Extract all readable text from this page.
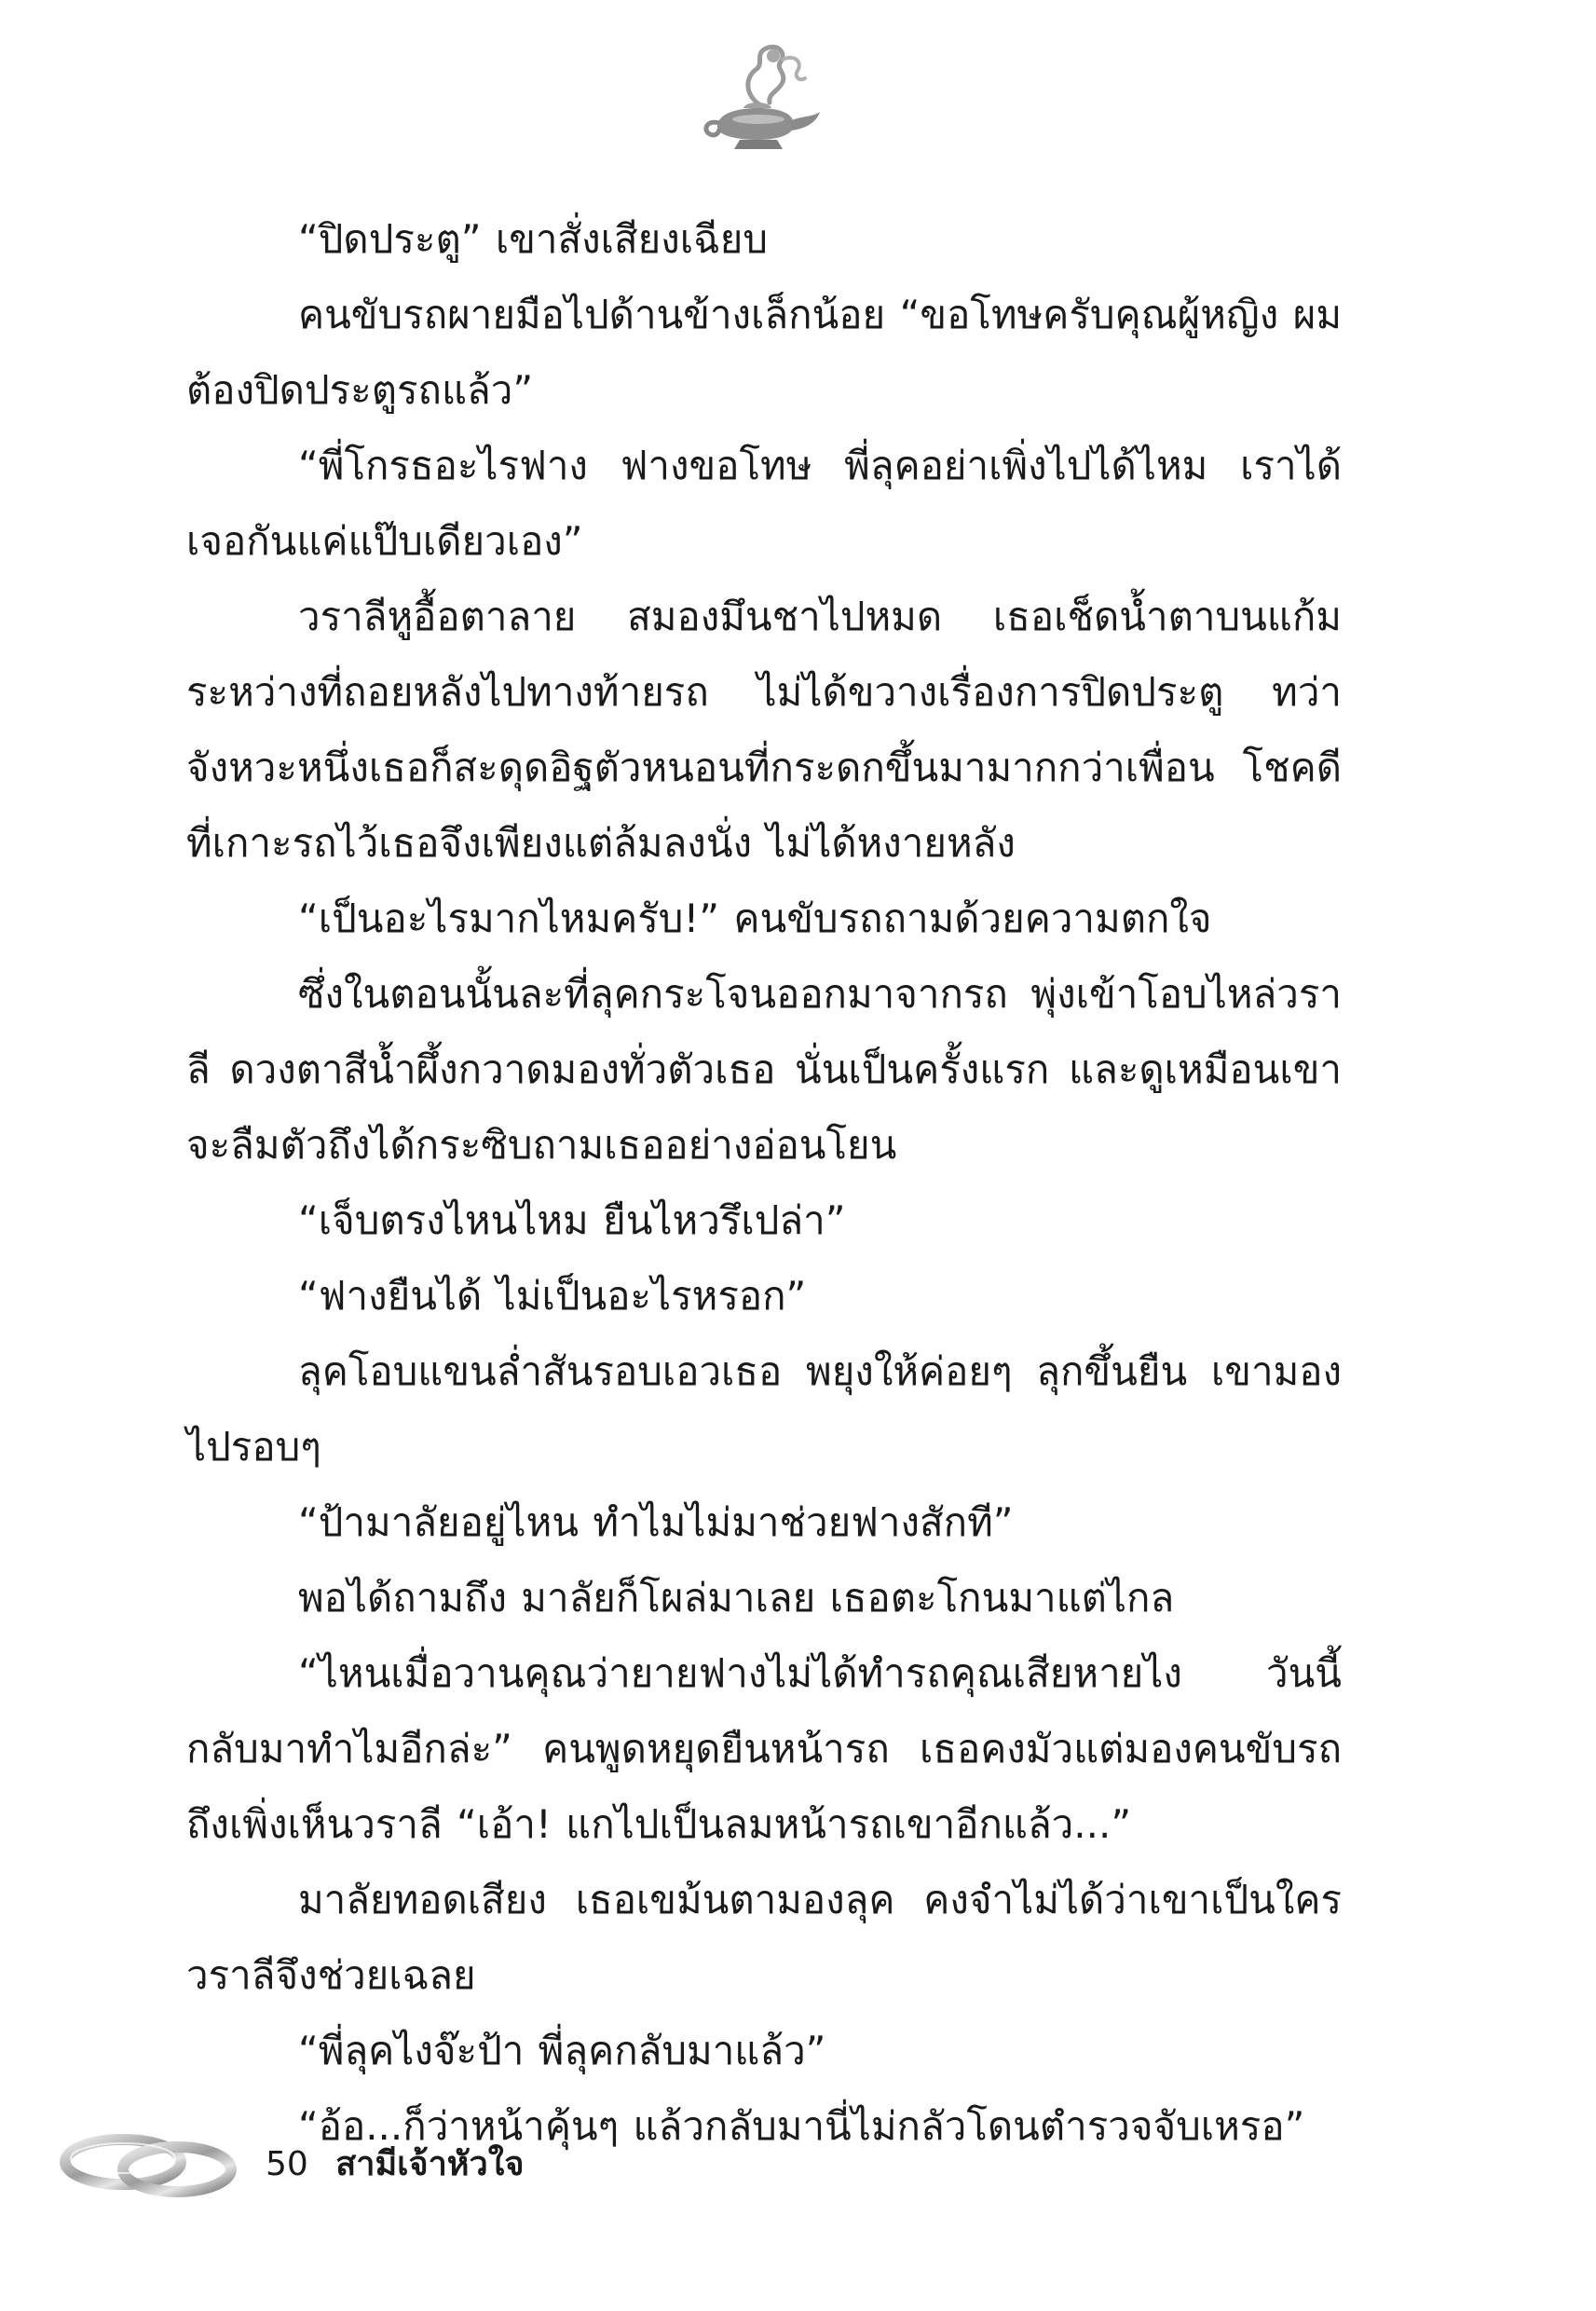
“ปิดประตู” เขาสั่งเสียงเฉียบ

คนขับรถผายมือไปด้านข้างเล็กน้อย “ขอโทษครับคุณผู้หญิง ผมต้องปิดประตูรถแล้ว”

“พี่โกรธอะไรฟาง ฟางขอโทษ พี่ลุคอย่าเพิ่งไปได้ไหม เราได้เจอกันแค่แป๊บเดียวเอง”

วราลีหูอื้อตาลาย สมองมึนชาไปหมด เธอเช็ดน้ำตาบนแก้มระหว่างที่ถอยหลังไปทางท้ายรถ ไม่ได้ขวางเรื่องการปิดประตู ทว่าจังหวะหนึ่งเธอก็สะดุดอิฐตัวหนอนที่กระดกขึ้นมามากกว่าเพื่อน โชคดีที่เกาะรถไว้เธอจึงเพียงแต่ล้มลงนั่ง ไม่ได้หงายหลัง

“เป็นอะไรมากไหมครับ!” คนขับรถถามด้วยความตกใจ

ซึ่งในตอนนั้นละที่ลุคกระโจนออกมาจากรถ พุ่งเข้าโอบไหล่วราลี ดวงตาสีน้ำผึ้งกวาดมองทั่วตัวเธอ นั่นเป็นครั้งแรก และดูเหมือนเขาจะลืมตัวถึงได้กระซิบถามเธออย่างอ่อนโยน

“เจ็บตรงไหนไหม ยืนไหวรึเปล่า”

“ฟางยืนได้ ไม่เป็นอะไรหรอก”

ลุคโอบแขนล่ำสันรอบเอวเธอ พยุงให้ค่อยๆ ลุกขึ้นยืน เขามองไปรอบๆ

“ป้ามาลัยอยู่ไหน ทำไมไม่มาช่วยฟางสักที”

พอได้ถามถึง มาลัยก็โผล่มาเลย เธอตะโกนมาแต่ไกล

“ไหนเมื่อวานคุณว่ายายฟางไม่ได้ทำรถคุณเสียหายไง วันนี้กลับมาทำไมอีกล่ะ” คนพูดหยุดยืนหน้ารถ เธอคงมัวแต่มองคนขับรถถึงเพิ่งเห็นวราลี “เอ้า! แกไปเป็นลมหน้ารถเขาอีกแล้ว...”

มาลัยทอดเสียง เธอเขม้นตามองลุค คงจำไม่ได้ว่าเขาเป็นใคร วราลีจึงช่วยเฉลย

“พี่ลุคไงจ๊ะป้า พี่ลุคกลับมาแล้ว”

“อ้อ...ก็ว่าหน้าคุ้นๆ แล้วกลับมานี่ไม่กลัวโดนตำรวจจับเหรอ”

50 สามีเจ้าหัวใจ
